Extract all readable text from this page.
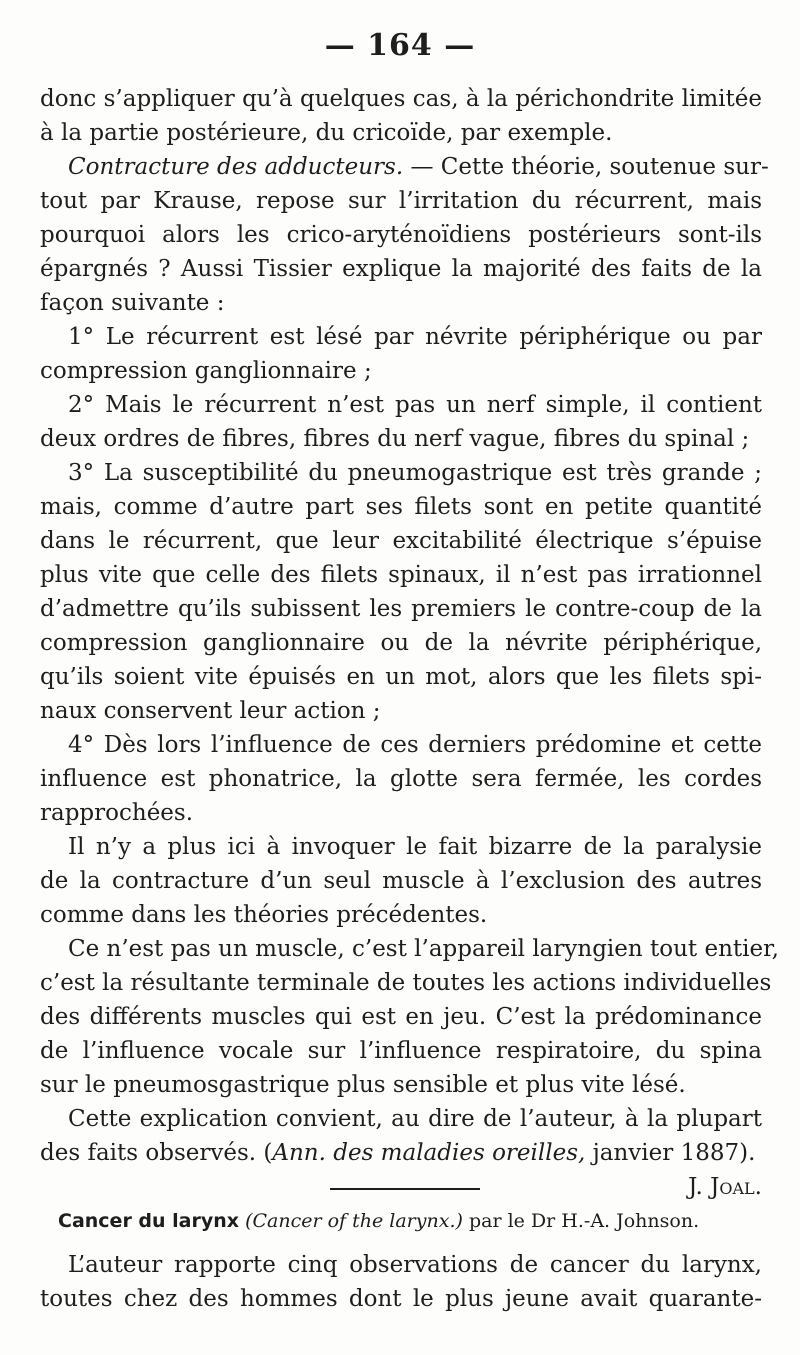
— 164 —
donc s’appliquer qu’à quelques cas, à la périchondrite limitée
à la partie postérieure, du cricoïde, par exemple.
Contracture des adducteurs. — Cette théorie, soutenue sur-
tout par Krause, repose sur l’irritation du récurrent, mais
pourquoi alors les crico-aryténoïdiens postérieurs sont-ils
épargnés ? Aussi Tissier explique la majorité des faits de la
façon suivante :
1° Le récurrent est lésé par névrite périphérique ou par
compression ganglionnaire ;
2° Mais le récurrent n’est pas un nerf simple, il contient
deux ordres de fibres, fibres du nerf vague, fibres du spinal ;
3° La susceptibilité du pneumogastrique est très grande ;
mais, comme d’autre part ses filets sont en petite quantité
dans le récurrent, que leur excitabilité électrique s’épuise
plus vite que celle des filets spinaux, il n’est pas irrationnel
d’admettre qu’ils subissent les premiers le contre-coup de la
compression ganglionnaire ou de la névrite périphérique,
qu’ils soient vite épuisés en un mot, alors que les filets spi-
naux conservent leur action ;
4° Dès lors l’influence de ces derniers prédomine et cette
influence est phonatrice, la glotte sera fermée, les cordes
rapprochées.
Il n’y a plus ici à invoquer le fait bizarre de la paralysie
de la contracture d’un seul muscle à l’exclusion des autres
comme dans les théories précédentes.
Ce n’est pas un muscle, c’est l’appareil laryngien tout entier,
c’est la résultante terminale de toutes les actions individuelles
des différents muscles qui est en jeu. C’est la prédominance
de l’influence vocale sur l’influence respiratoire, du spina
sur le pneumosgastrique plus sensible et plus vite lésé.
Cette explication convient, au dire de l’auteur, à la plupart
des faits observés. (Ann. des maladies oreilles, janvier 1887).
J. Joal.
Cancer du larynx (Cancer of the larynx.) par le Dr H.-A. Johnson.
L’auteur rapporte cinq observations de cancer du larynx,
toutes chez des hommes dont le plus jeune avait quarante-
